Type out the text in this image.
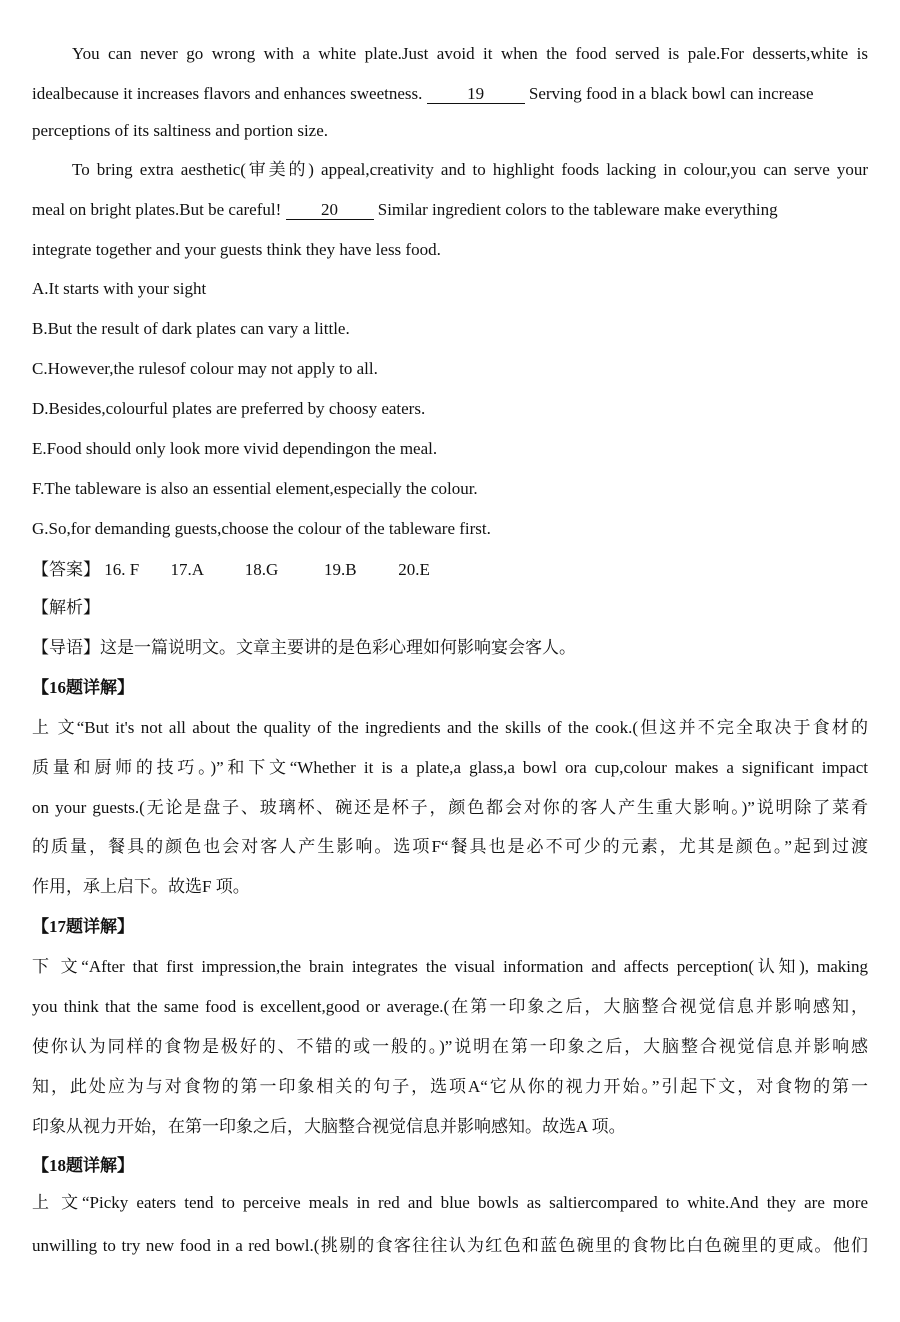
You can never go wrong with a white plate.Just avoid it when the food served is pale.For desserts,white is
idealbecause it increases flavors and enhances sweetness.	19	Serving food in a black bowl can increase
perceptions of its saltiness and portion size.
To bring extra aesthetic(审美的) appeal,creativity and to highlight foods lacking in colour,you can serve your
meal on bright plates.But be careful! 20 Similar ingredient colors to the tableware make everything
integrate together and your guests think they have less food.
A.It starts with your sight
B.But the result of dark plates can vary a little.
C.However,the rulesof colour may not apply to all.
D.Besides,colourful plates are preferred by choosy eaters.
E.Food should only look more vivid dependingon the meal.
F.The tableware is also an essential element,especially the colour.
G.So,for demanding guests,choose the colour of the tableware first.
【答案】 16. F 17.A 18.G	19.B 20.E
【解析】
【导语】这是一篇说明文。文章主要讲的是色彩心理如何影响宴会客人。
【16题详解】
上 文“But it's not all about the quality of the ingredients and the skills of the cook.(但这并不完全取决于食材的
质量和厨师的技巧。)”和下文“Whether it is a plate,a glass,a bowl ora cup,colour makes a significant impact
on your guests.(无论是盘子、玻璃杯、碗还是杯子，颜色都会对你的客人产生重大影响。)”说明除了菜肴
的质量，餐具的颜色也会对客人产生影响。选项F“餐具也是必不可少的元素，尤其是颜色。”起到过渡
作用，承上启下。故选F 项。
【17题详解】
下 文“After that first impression,the brain integrates the visual information and affects perception(认知), making
you think that the same food is excellent,good or average.(在第一印象之后，大脑整合视觉信息并影响感知，
使你认为同样的食物是极好的、不错的或一般的。)”说明在第一印象之后，大脑整合视觉信息并影响感
知，此处应为与对食物的第一印象相关的句子，选项A“它从你的视力开始。”引起下文，对食物的第一
印象从视力开始，在第一印象之后，大脑整合视觉信息并影响感知。故选A 项。
【18题详解】
上 文“Picky eaters tend to perceive meals in red and blue bowls as saltiercompared to white.And they are more
unwilling to try new food in a red bowl.(挑剔的食客往往认为红色和蓝色碗里的食物比白色碗里的更咸。他们
